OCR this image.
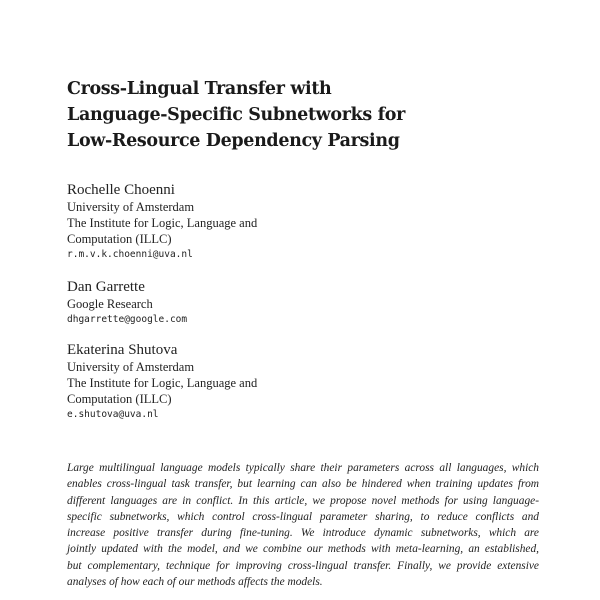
Cross-Lingual Transfer with
Language-Specific Subnetworks for
Low-Resource Dependency Parsing
Rochelle Choenni
University of Amsterdam
The Institute for Logic, Language and
Computation (ILLC)
r.m.v.k.choenni@uva.nl
Dan Garrette
Google Research
dhgarrette@google.com
Ekaterina Shutova
University of Amsterdam
The Institute for Logic, Language and
Computation (ILLC)
e.shutova@uva.nl
Large multilingual language models typically share their parameters across all languages, which
enables cross-lingual task transfer, but learning can also be hindered when training updates from
different languages are in conflict. In this article, we propose novel methods for using language-
specific subnetworks, which control cross-lingual parameter sharing, to reduce conflicts and
increase positive transfer during fine-tuning. We introduce dynamic subnetworks, which are
jointly updated with the model, and we combine our methods with meta-learning, an established,
but complementary, technique for improving cross-lingual transfer. Finally, we provide extensive
analyses of how each of our methods affects the models.
